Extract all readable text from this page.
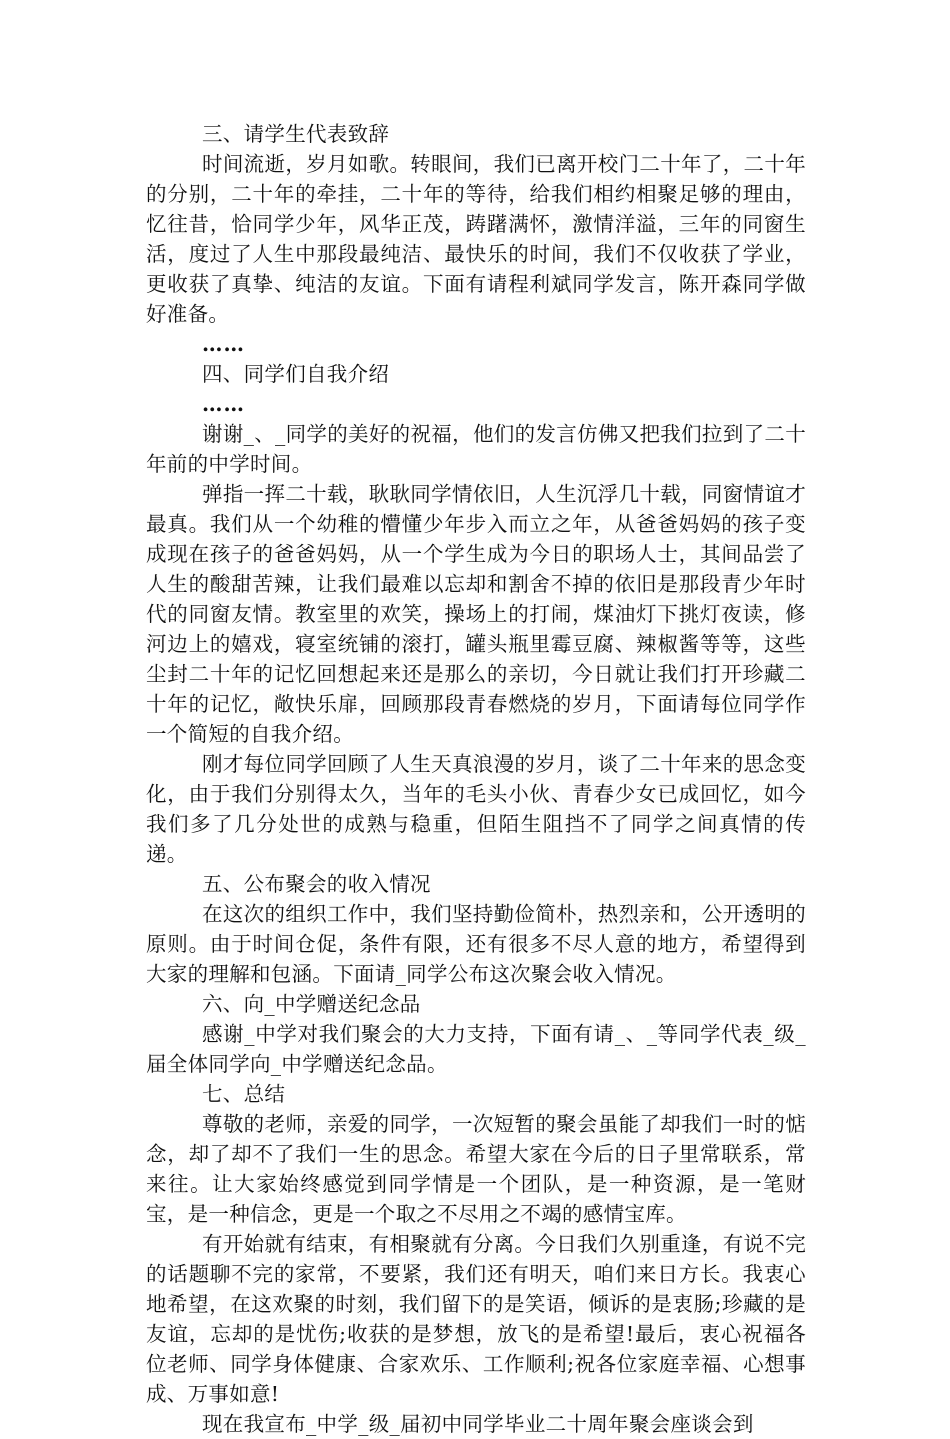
三、请学生代表致辞

时间流逝，岁月如歌。转眼间，我们已离开校门二十年了，二十年的分别，二十年的牵挂，二十年的等待，给我们相约相聚足够的理由，忆往昔，恰同学少年，风华正茂，踌躇满怀，激情洋溢，三年的同窗生活，度过了人生中那段最纯洁、最快乐的时间，我们不仅收获了学业，更收获了真挚、纯洁的友谊。下面有请程利斌同学发言，陈开森同学做好准备。

……

四、同学们自我介绍

……

谢谢_、_同学的美好的祝福，他们的发言仿佛又把我们拉到了二十年前的中学时间。

弹指一挥二十载，耿耿同学情依旧，人生沉浮几十载，同窗情谊才最真。我们从一个幼稚的懵懂少年步入而立之年，从爸爸妈妈的孩子变成现在孩子的爸爸妈妈，从一个学生成为今日的职场人士，其间品尝了人生的酸甜苦辣，让我们最难以忘却和割舍不掉的依旧是那段青少年时代的同窗友情。教室里的欢笑，操场上的打闹，煤油灯下挑灯夜读，修河边上的嬉戏，寝室统铺的滚打，罐头瓶里霉豆腐、辣椒酱等等，这些尘封二十年的记忆回想起来还是那么的亲切，今日就让我们打开珍藏二十年的记忆，敞快乐扉，回顾那段青春燃烧的岁月，下面请每位同学作一个简短的自我介绍。

刚才每位同学回顾了人生天真浪漫的岁月，谈了二十年来的思念变化，由于我们分别得太久，当年的毛头小伙、青春少女已成回忆，如今我们多了几分处世的成熟与稳重，但陌生阻挡不了同学之间真情的传递。

五、公布聚会的收入情况

在这次的组织工作中，我们坚持勤俭简朴，热烈亲和，公开透明的原则。由于时间仓促，条件有限，还有很多不尽人意的地方，希望得到大家的理解和包涵。下面请_同学公布这次聚会收入情况。

六、向_中学赠送纪念品

感谢_中学对我们聚会的大力支持，下面有请_、_等同学代表_级_届全体同学向_中学赠送纪念品。

七、总结

尊敬的老师，亲爱的同学，一次短暂的聚会虽能了却我们一时的惦念，却了却不了我们一生的思念。希望大家在今后的日子里常联系，常来往。让大家始终感觉到同学情是一个团队，是一种资源，是一笔财宝，是一种信念，更是一个取之不尽用之不竭的感情宝库。

有开始就有结束，有相聚就有分离。今日我们久别重逢，有说不完的话题聊不完的家常，不要紧，我们还有明天，咱们来日方长。我衷心地希望，在这欢聚的时刻，我们留下的是笑语，倾诉的是衷肠;珍藏的是友谊，忘却的是忧伤;收获的是梦想，放飞的是希望!最后，衷心祝福各位老师、同学身体健康、合家欢乐、工作顺利;祝各位家庭幸福、心想事成、万事如意!

现在我宣布_中学_级_届初中同学毕业二十周年聚会座谈会到
